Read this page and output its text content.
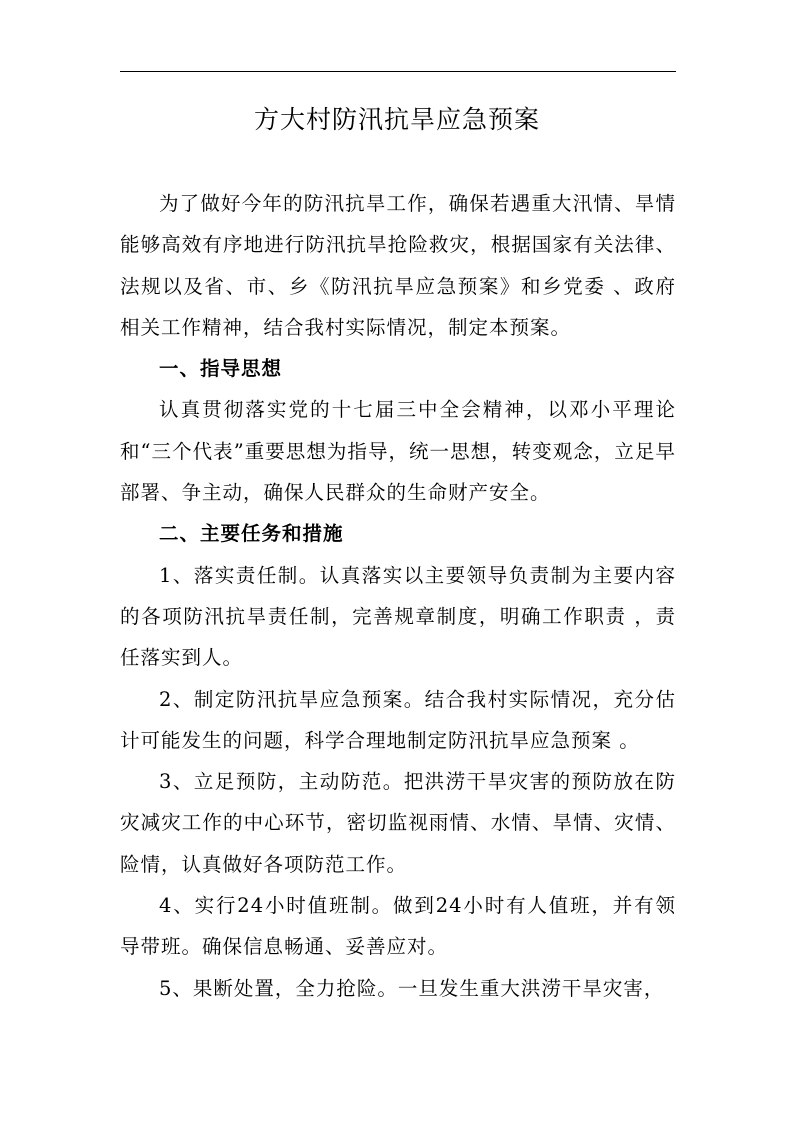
方大村防汛抗旱应急预案

为了做好今年的防汛抗旱工作，确保若遇重大汛情、旱情能够高效有序地进行防汛抗旱抢险救灾，根据国家有关法律、法规以及省、市、乡《防汛抗旱应急预案》和乡党委 、政府相关工作精神，结合我村实际情况，制定本预案。

一、指导思想

认真贯彻落实党的十七届三中全会精神，以邓小平理论和“三个代表”重要思想为指导，统一思想，转变观念，立足早部署、争主动，确保人民群众的生命财产安全。

二、主要任务和措施

1、落实责任制。认真落实以主要领导负责制为主要内容的各项防汛抗旱责任制，完善规章制度，明确工作职责 ，责任落实到人。

2、制定防汛抗旱应急预案。结合我村实际情况，充分估计可能发生的问题，科学合理地制定防汛抗旱应急预案 。

3、立足预防，主动防范。把洪涝干旱灾害的预防放在防灾减灾工作的中心环节，密切监视雨情、水情、旱情、灾情、险情，认真做好各项防范工作。

4、实行24小时值班制。做到24小时有人值班，并有领导带班。确保信息畅通、妥善应对。

5、果断处置，全力抢险。一旦发生重大洪涝干旱灾害，
